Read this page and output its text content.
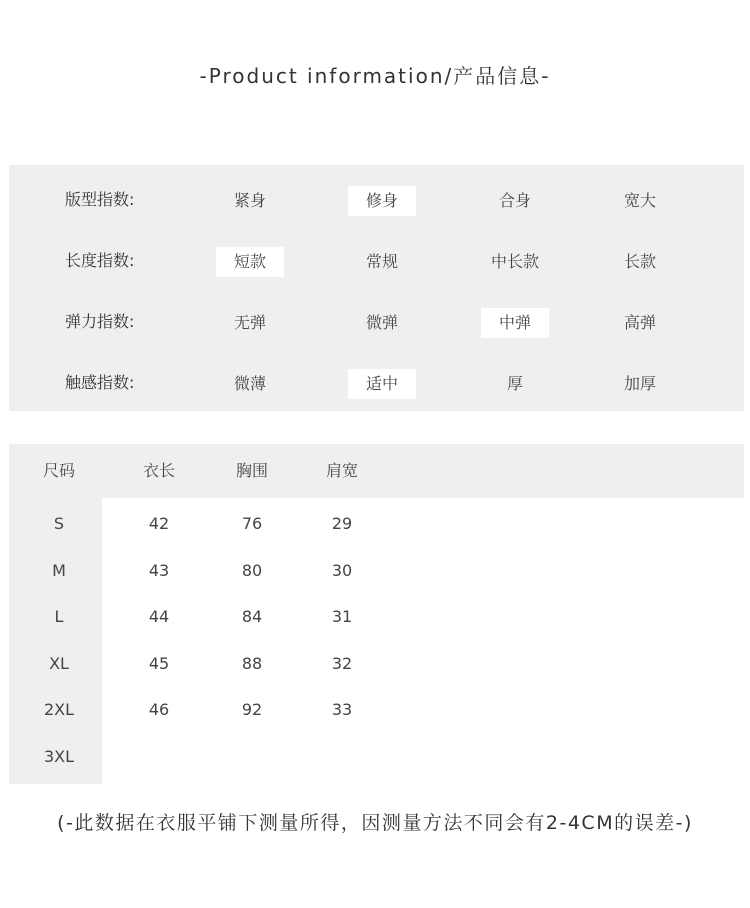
-Product information/产品信息-
版型指数:	紧身	修身	合身	宽大
长度指数:	短款	常规	中长款	长款
弹力指数:	无弹	微弹	中弹	高弹
触感指数:	微薄	适中	厚	加厚
尺码	衣长	胸围	肩宽
S	42	76	29
M	43	80	30
L	44	84	31
XL	45	88	32
2XL	46	92	33
3XL
(-此数据在衣服平铺下测量所得，因测量方法不同会有2-4CM的误差-)
